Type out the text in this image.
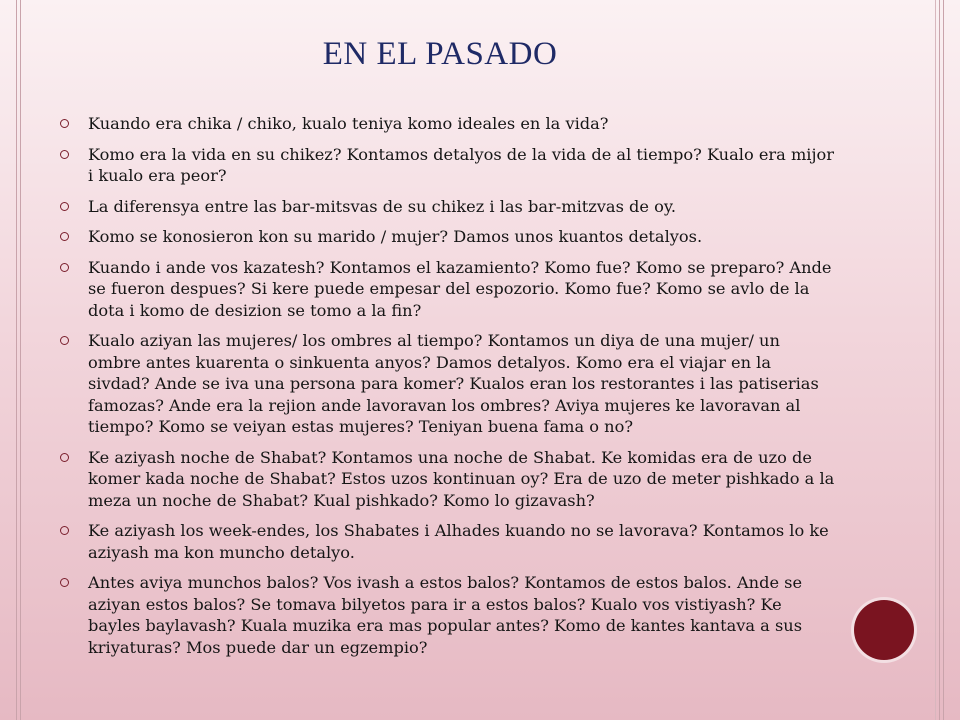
EN EL PASADO
Kuando era chika / chiko, kualo teniya komo ideales en la vida?
Komo era la vida en su chikez? Kontamos detalyos de la vida de al tiempo? Kualo era mijor i kualo era peor?
La diferensya entre las bar-mitsvas de su chikez i las bar-mitzvas de oy.
Komo se konosieron kon su marido / mujer? Damos unos kuantos detalyos.
Kuando i ande vos kazatesh? Kontamos el kazamiento? Komo fue? Komo se preparo? Ande se fueron despues? Si kere puede empesar del espozorio. Komo fue? Komo se avlo de la dota i komo de desizion se tomo a la fin?
Kualo aziyan las mujeres/ los ombres al tiempo? Kontamos un diya de una mujer/ un ombre antes kuarenta o sinkuenta anyos? Damos detalyos. Komo era el viajar en la sivdad? Ande se iva una persona para komer? Kualos eran los restorantes i las patiserias famozas? Ande era la rejion ande lavoravan los ombres? Aviya mujeres ke lavoravan al tiempo? Komo se veiyan estas mujeres? Teniyan buena fama o no?
Ke aziyash noche de Shabat? Kontamos una noche de Shabat. Ke komidas era de uzo de komer kada noche de Shabat? Estos uzos kontinuan oy? Era de uzo de meter pishkado a la meza un noche de Shabat? Kual pishkado? Komo lo gizavash?
Ke aziyash los week-endes, los Shabates i Alhades kuando no se lavorava? Kontamos lo ke aziyash ma kon muncho detalyo.
Antes aviya munchos balos? Vos ivash a estos balos? Kontamos de estos balos. Ande se aziyan estos balos? Se tomava bilyetos para ir a estos balos? Kualo vos vistiyash? Ke bayles baylavash? Kuala muzika era mas popular antes? Komo de kantes kantava a sus kriyaturas? Mos puede dar un egzempio?
